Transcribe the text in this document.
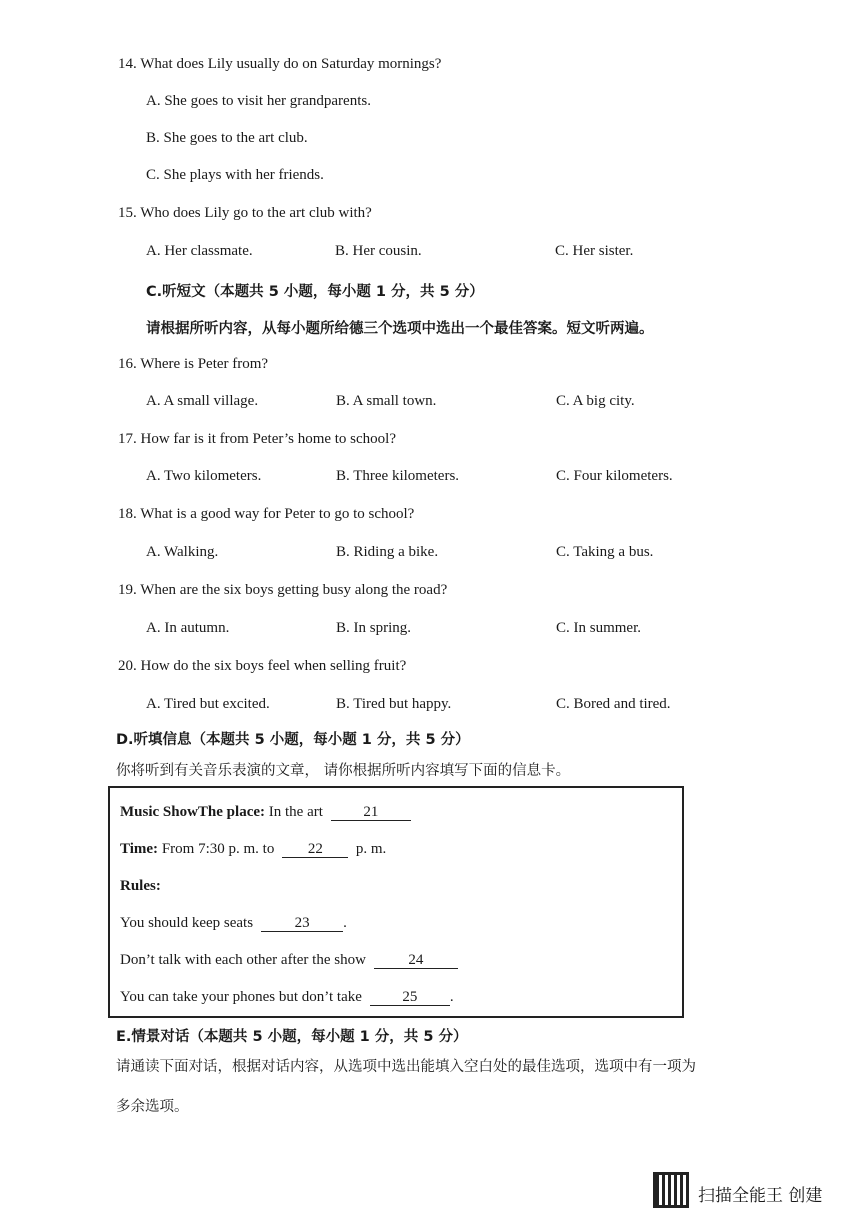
14. What does Lily usually do on Saturday mornings?
A. She goes to visit her grandparents.
B. She goes to the art club.
C. She plays with her friends.
15. Who does Lily go to the art club with?
A. Her classmate.	B. Her cousin.	C. Her sister.
C.听短文（本题共 5 小题，每小题 1 分，共 5 分）
请根据所听内容，从每小题所给德三个选项中选出一个最佳答案。短文听两遍。
16. Where is Peter from?
A. A small village.	B. A small town.	C. A big city.
17. How far is it from Peter’s home to school?
A. Two kilometers.	B. Three kilometers.	C. Four kilometers.
18. What is a good way for Peter to go to school?
A. Walking.	B. Riding a bike.	C. Taking a bus.
19. When are the six boys getting busy along the road?
A. In autumn.	B. In spring.	C. In summer.
20. How do the six boys feel when selling fruit?
A. Tired but excited.	B. Tired but happy.	C. Bored and tired.
D.听填信息（本题共 5 小题，每小题 1 分，共 5 分）
你将听到有关音乐表演的文章， 请你根据所听内容填写下面的信息卡。
Music ShowThe place: In the art	21
Time: From 7:30 p. m. to 22 p. m.
Rules:
You should keep seats	23 .
Don’t talk with each other after the show	24
You can take your phones but don’t take	25 .
E.情景对话（本题共 5 小题，每小题 1 分，共 5 分）
请通读下面对话，根据对话内容，从选项中选出能填入空白处的最佳选项，选项中有一项为
多余选项。
扫描全能王 创建
